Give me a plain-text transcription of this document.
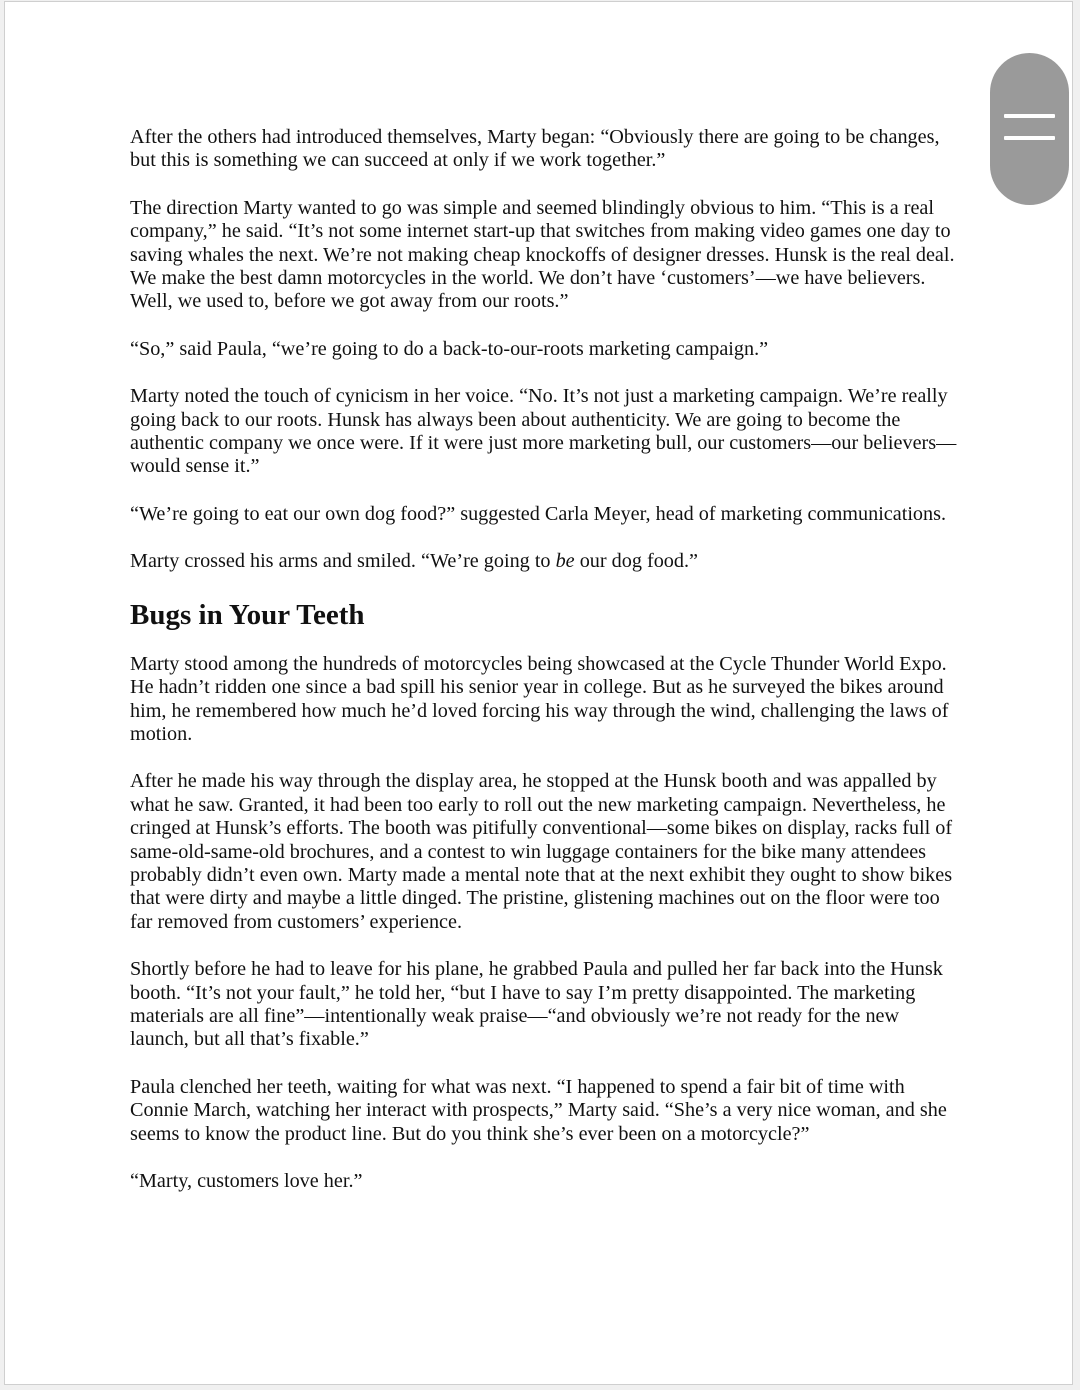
After the others had introduced themselves, Marty began: “Obviously there are going to be changes, but this is something we can succeed at only if we work together.”

The direction Marty wanted to go was simple and seemed blindingly obvious to him. “This is a real company,” he said. “It’s not some internet start-up that switches from making video games one day to saving whales the next. We’re not making cheap knockoffs of designer dresses. Hunsk is the real deal. We make the best damn motorcycles in the world. We don’t have ‘customers’—we have believers. Well, we used to, before we got away from our roots.”

“So,” said Paula, “we’re going to do a back-to-our-roots marketing campaign.”

Marty noted the touch of cynicism in her voice. “No. It’s not just a marketing campaign. We’re really going back to our roots. Hunsk has always been about authenticity. We are going to become the authentic company we once were. If it were just more marketing bull, our customers—our believers—would sense it.”

“We’re going to eat our own dog food?” suggested Carla Meyer, head of marketing communications.

Marty crossed his arms and smiled. “We’re going to be our dog food.”

Bugs in Your Teeth

Marty stood among the hundreds of motorcycles being showcased at the Cycle Thunder World Expo. He hadn’t ridden one since a bad spill his senior year in college. But as he surveyed the bikes around him, he remembered how much he’d loved forcing his way through the wind, challenging the laws of motion.

After he made his way through the display area, he stopped at the Hunsk booth and was appalled by what he saw. Granted, it had been too early to roll out the new marketing campaign. Nevertheless, he cringed at Hunsk’s efforts. The booth was pitifully conventional—some bikes on display, racks full of same-old-same-old brochures, and a contest to win luggage containers for the bike many attendees probably didn’t even own. Marty made a mental note that at the next exhibit they ought to show bikes that were dirty and maybe a little dinged. The pristine, glistening machines out on the floor were too far removed from customers’ experience.

Shortly before he had to leave for his plane, he grabbed Paula and pulled her far back into the Hunsk booth. “It’s not your fault,” he told her, “but I have to say I’m pretty disappointed. The marketing materials are all fine”—intentionally weak praise—“and obviously we’re not ready for the new launch, but all that’s fixable.”

Paula clenched her teeth, waiting for what was next. “I happened to spend a fair bit of time with Connie March, watching her interact with prospects,” Marty said. “She’s a very nice woman, and she seems to know the product line. But do you think she’s ever been on a motorcycle?”

“Marty, customers love her.”
